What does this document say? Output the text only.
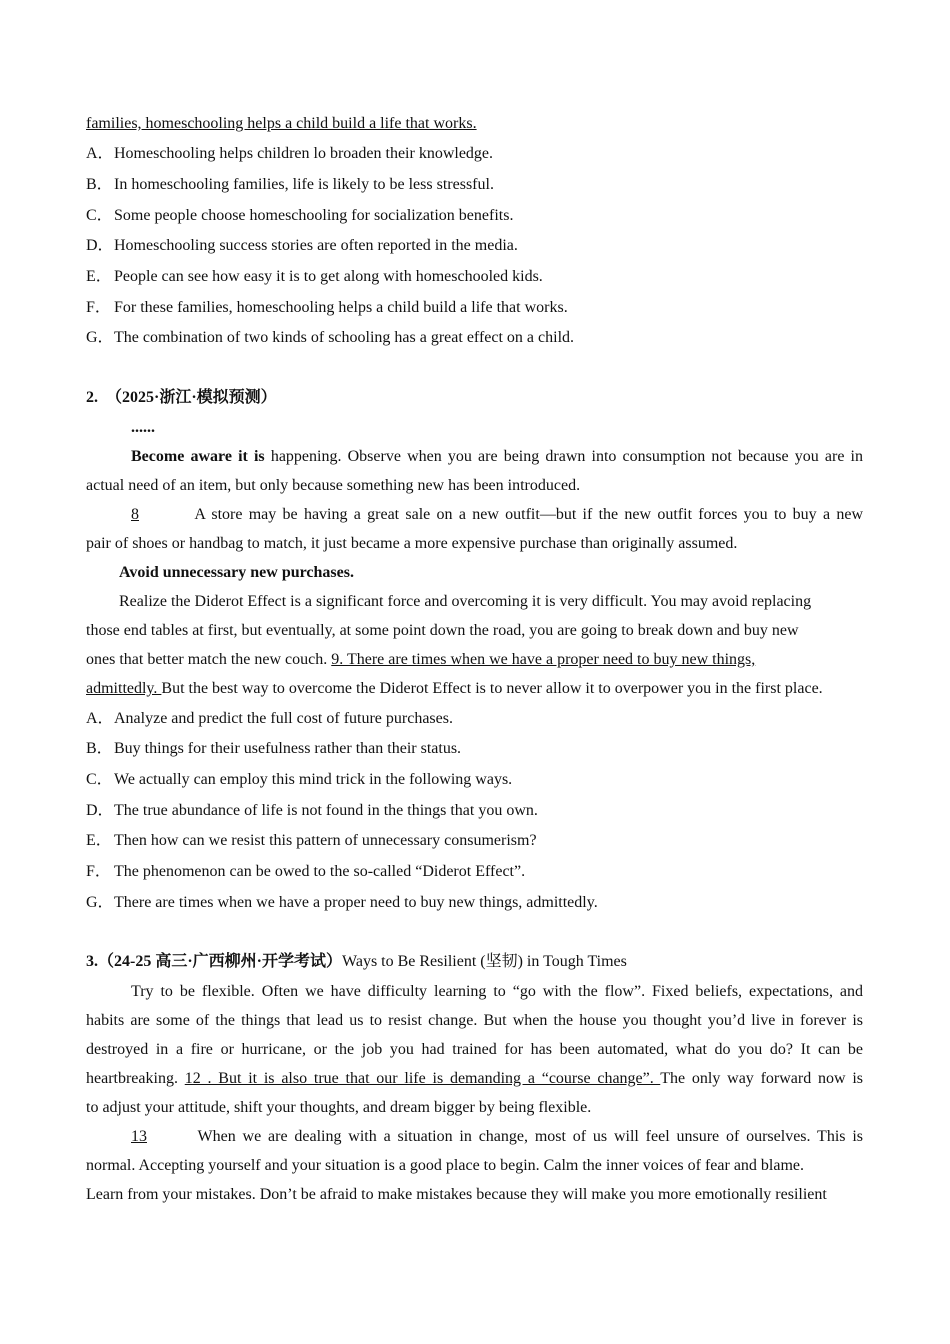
families, homeschooling helps a child build a life that works.
A．Homeschooling helps children lo broaden their knowledge.
B．In homeschooling families, life is likely to be less stressful.
C．Some people choose homeschooling for socialization benefits.
D．Homeschooling success stories are often reported in the media.
E． People can see how easy it is to get along with homeschooled kids.
F． For these families, homeschooling helps a child build a life that works.
G．The combination of two kinds of schooling has a great effect on a child.
2. （2025·浙江·模拟预测）
......
Become aware it is happening. Observe when you are being drawn into consumption not because you are in
actual need of an item, but only because something new has been introduced.
8	A store may be having a great sale on a new outfit—but if the new outfit forces you to buy a new
pair of shoes or handbag to match, it just became a more expensive purchase than originally assumed.
Avoid unnecessary new purchases.
Realize the Diderot Effect is a significant force and overcoming it is very difficult. You may avoid replacing
those end tables at first, but eventually, at some point down the road, you are going to break down and buy new
ones that better match the new couch. 9. There are times when we have a proper need to buy new things,
admittedly. But the best way to overcome the Diderot Effect is to never allow it to overpower you in the first place.
A．Analyze and predict the full cost of future purchases.
B．Buy things for their usefulness rather than their status.
C．We actually can employ this mind trick in the following ways.
D．The true abundance of life is not found in the things that you own.
E． Then how can we resist this pattern of unnecessary consumerism?
F． The phenomenon can be owed to the so-called “Diderot Effect”.
G．There are times when we have a proper need to buy new things, admittedly.
3.（24-25 高三·广西柳州·开学考试）Ways to Be Resilient (坚韧) in Tough Times
Try to be flexible. Often we have difficulty learning to “go with the flow”. Fixed beliefs, expectations, and
habits are some of the things that lead us to resist change. But when the house you thought you’d live in forever is
destroyed in a fire or hurricane, or the job you had trained for has been automated, what do you do? It can be
heartbreaking. 12 . But it is also true that our life is demanding a “course change”. The only way forward now is
to adjust your attitude, shift your thoughts, and dream bigger by being flexible.
13	When we are dealing with a situation in change, most of us will feel unsure of ourselves. This is
normal. Accepting yourself and your situation is a good place to begin. Calm the inner voices of fear and blame.
Learn from your mistakes. Don’t be afraid to make mistakes because they will make you more emotionally resilient
